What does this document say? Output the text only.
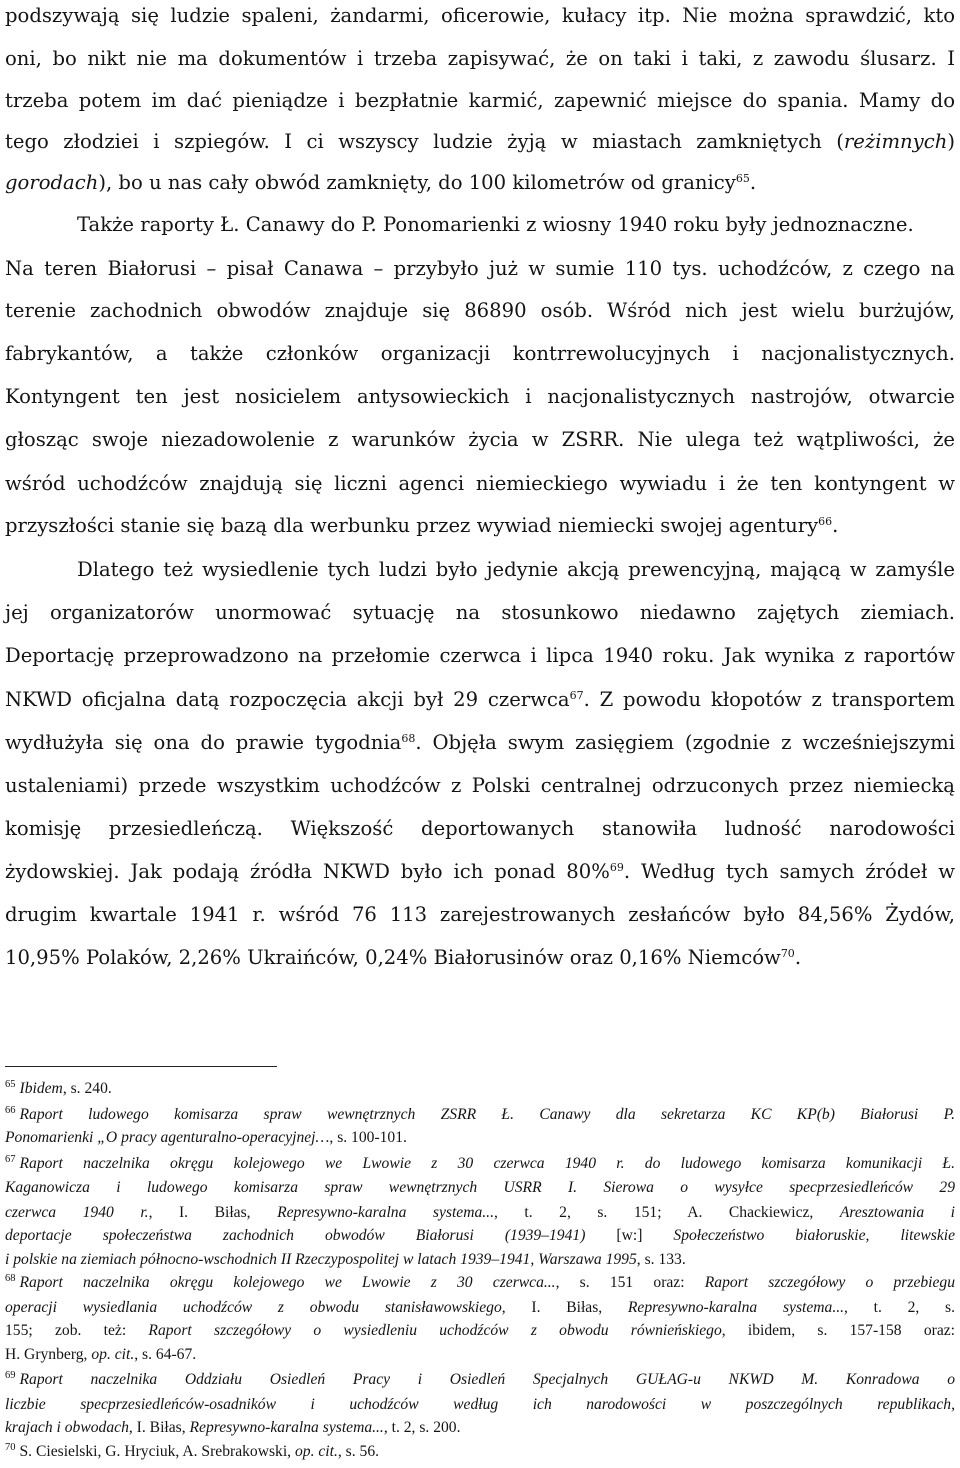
podszywają się ludzie spaleni, żandarmi, oficerowie, kułacy itp. Nie można sprawdzić, kto
oni, bo nikt nie ma dokumentów i trzeba zapisywać, że on taki i taki, z zawodu ślusarz. I
trzeba potem im dać pieniądze i bezpłatnie karmić, zapewnić miejsce do spania. Mamy do
tego złodziei i szpiegów. I ci wszyscy ludzie żyją w miastach zamkniętych (reżimnych)
gorodach), bo u nas cały obwód zamknięty, do 100 kilometrów od granicy$^{65}$.
Także raporty Ł. Canawy do P. Ponomarienki z wiosny 1940 roku były jednoznaczne.
Na teren Białorusi – pisał Canawa – przybyło już w sumie 110 tys. uchodźców, z czego na
terenie zachodnich obwodów znajduje się 86890 osób. Wśród nich jest wielu burżujów,
fabrykantów, a także członków organizacji kontrrewolucyjnych i nacjonalistycznych.
Kontyngent ten jest nosicielem antysowieckich i nacjonalistycznych nastrojów, otwarcie
głosząc swoje niezadowolenie z warunków życia w ZSRR. Nie ulega też wątpliwości, że
wśród uchodźców znajdują się liczni agenci niemieckiego wywiadu i że ten kontyngent w
przyszłości stanie się bazą dla werbunku przez wywiad niemiecki swojej agentury$^{66}$.
Dlatego też wysiedlenie tych ludzi było jedynie akcją prewencyjną, mającą w zamyśle
jej organizatorów unormować sytuację na stosunkowo niedawno zajętych ziemiach.
Deportację przeprowadzono na przełomie czerwca i lipca 1940 roku. Jak wynika z raportów
NKWD oficjalna datą rozpoczęcia akcji był 29 czerwca$^{67}$. Z powodu kłopotów z transportem
wydłużyła się ona do prawie tygodnia$^{68}$. Objęła swym zasięgiem (zgodnie z wcześniejszymi
ustaleniami) przede wszystkim uchodźców z Polski centralnej odrzuconych przez niemiecką
komisję przesiedleńczą. Większość deportowanych stanowiła ludność narodowości
żydowskiej. Jak podają źródła NKWD było ich ponad 80%$^{69}$. Według tych samych źródeł w
drugim kwartale 1941 r. wśród 76 113 zarejestrowanych zesłańców było 84,56% Żydów,
10,95% Polaków, 2,26% Ukraińców, 0,24% Białorusinów oraz 0,16% Niemców$^{70}$.
$^{65}$ Ibidem, s. 240.
$^{66}$ Raport ludowego komisarza spraw wewnętrznych ZSRR Ł. Canawy dla sekretarza KC KP(b) Białorusi P.
Ponomarienki „O pracy agenturalno-operacyjnej…, s. 100-101.
$^{67}$ Raport naczelnika okręgu kolejowego we Lwowie z 30 czerwca 1940 r. do ludowego komisarza komunikacji Ł.
Kaganowicza i ludowego komisarza spraw wewnętrznych USRR I. Sierowa o wysyłce specprzesiedleńców 29
czerwca 1940 r., I. Biłas, Represywno-karalna systema..., t. 2, s. 151; A. Chackiewicz, Aresztowania i
deportacje społeczeństwa zachodnich obwodów Białorusi (1939–1941) [w:] Społeczeństwo białoruskie, litewskie
i polskie na ziemiach północno-wschodnich II Rzeczypospolitej w latach 1939–1941, Warszawa 1995, s. 133.
$^{68}$ Raport naczelnika okręgu kolejowego we Lwowie z 30 czerwca..., s. 151 oraz: Raport szczegółowy o przebiegu
operacji wysiedlania uchodźców z obwodu stanisławowskiego, I. Biłas, Represywno-karalna systema..., t. 2, s.
155; zob. też: Raport szczegółowy o wysiedleniu uchodźców z obwodu równieńskiego, ibidem, s. 157-158 oraz:
H. Grynberg, op. cit., s. 64-67.
$^{69}$ Raport naczelnika Oddziału Osiedleń Pracy i Osiedleń Specjalnych GUŁAG-u NKWD M. Konradowa o
liczbie specprzesiedleńców-osadników i uchodźców według ich narodowości w poszczególnych republikach,
krajach i obwodach, I. Biłas, Represywno-karalna systema..., t. 2, s. 200.
$^{70}$ S. Ciesielski, G. Hryciuk, A. Srebrakowski, op. cit., s. 56.
